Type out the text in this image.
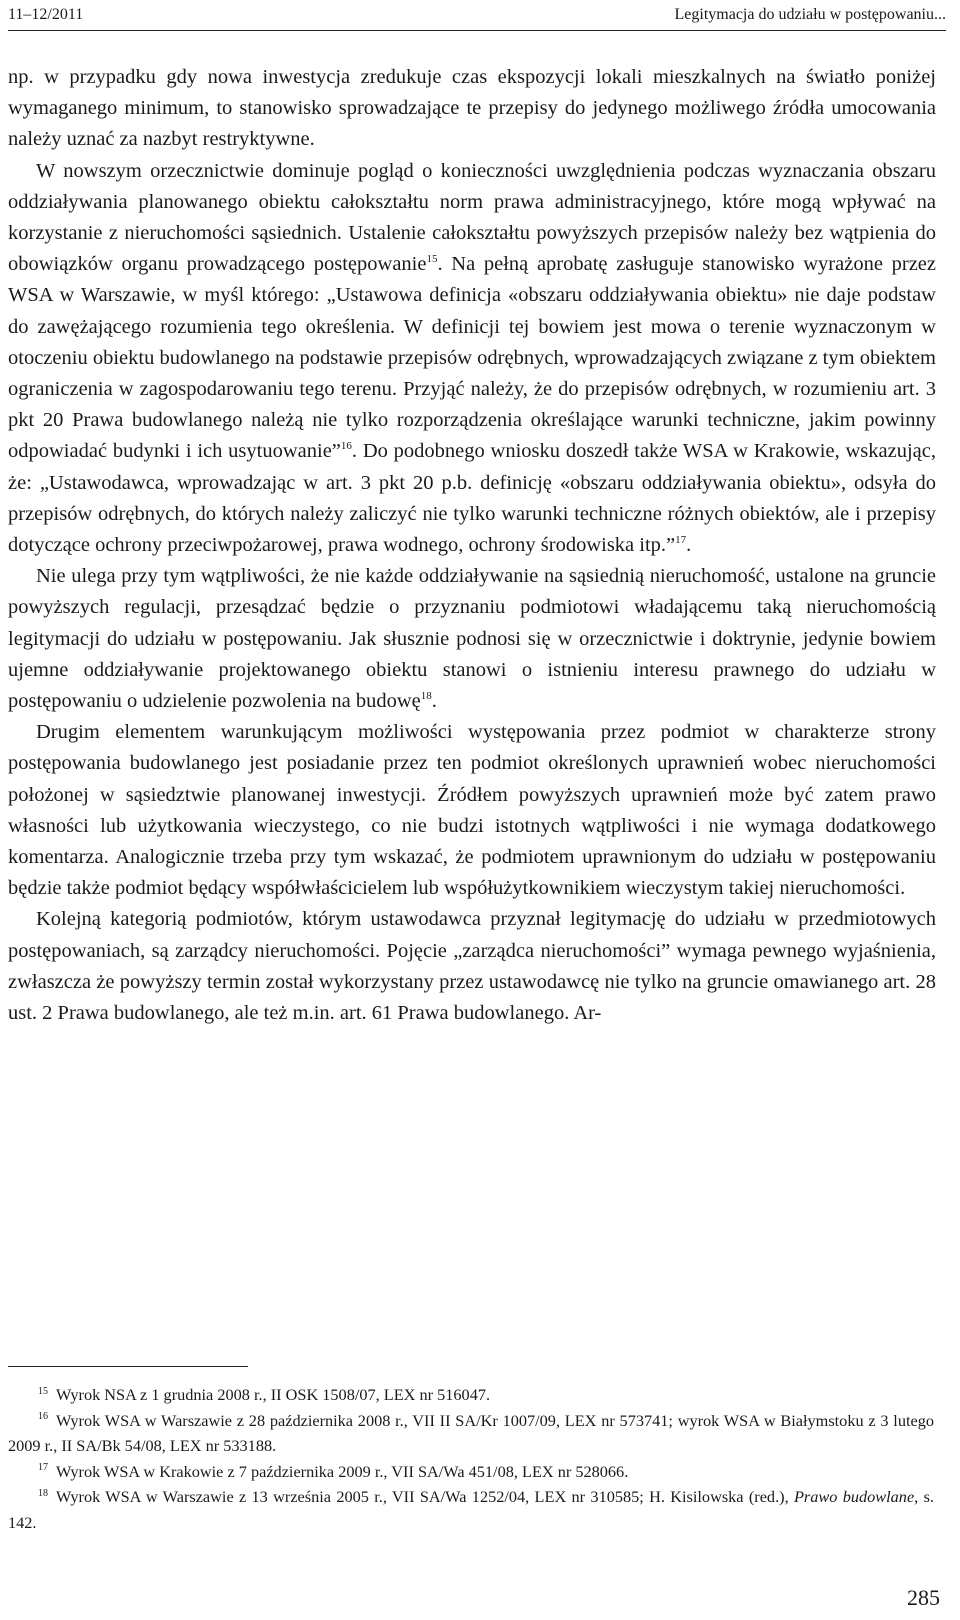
11–12/2011	Legitymacja do udziału w postępowaniu...

np. w przypadku gdy nowa inwestycja zredukuje czas ekspozycji lokali mieszkalnych na światło poniżej wymaganego minimum, to stanowisko sprowadzające te przepisy do jedynego możliwego źródła umocowania należy uznać za nazbyt restryktywne.

W nowszym orzecznictwie dominuje pogląd o konieczności uwzględnienia podczas wyznaczania obszaru oddziaływania planowanego obiektu całokształtu norm prawa administracyjnego, które mogą wpływać na korzystanie z nieruchomości sąsiednich. Ustalenie całokształtu powyższych przepisów należy bez wątpienia do obowiązków organu prowadzącego postępowanie$^{15}$. Na pełną aprobatę zasługuje stanowisko wyrażone przez WSA w Warszawie, w myśl którego: „Ustawowa definicja «obszaru oddziaływania obiektu» nie daje podstaw do zawężającego rozumienia tego określenia. W definicji tej bowiem jest mowa o terenie wyznaczonym w otoczeniu obiektu budowlanego na podstawie przepisów odrębnych, wprowadzających związane z tym obiektem ograniczenia w zagospodarowaniu tego terenu. Przyjąć należy, że do przepisów odrębnych, w rozumieniu art. 3 pkt 20 Prawa budowlanego należą nie tylko rozporządzenia określające warunki techniczne, jakim powinny odpowiadać budynki i ich usytuowanie”$^{16}$. Do podobnego wniosku doszedł także WSA w Krakowie, wskazując, że: „Ustawodawca, wprowadzając w art. 3 pkt 20 p.b. definicję «obszaru oddziaływania obiektu», odsyła do przepisów odrębnych, do których należy zaliczyć nie tylko warunki techniczne różnych obiektów, ale i przepisy dotyczące ochrony przeciwpożarowej, prawa wodnego, ochrony środowiska itp.”$^{17}$.

Nie ulega przy tym wątpliwości, że nie każde oddziaływanie na sąsiednią nieruchomość, ustalone na gruncie powyższych regulacji, przesądzać będzie o przyznaniu podmiotowi władającemu taką nieruchomością legitymacji do udziału w postępowaniu. Jak słusznie podnosi się w orzecznictwie i doktrynie, jedynie bowiem ujemne oddziaływanie projektowanego obiektu stanowi o istnieniu interesu prawnego do udziału w postępowaniu o udzielenie pozwolenia na budowę$^{18}$.

Drugim elementem warunkującym możliwości występowania przez podmiot w charakterze strony postępowania budowlanego jest posiadanie przez ten podmiot określonych uprawnień wobec nieruchomości położonej w sąsiedztwie planowanej inwestycji. Źródłem powyższych uprawnień może być zatem prawo własności lub użytkowania wieczystego, co nie budzi istotnych wątpliwości i nie wymaga dodatkowego komentarza. Analogicznie trzeba przy tym wskazać, że podmiotem uprawnionym do udziału w postępowaniu będzie także podmiot będący współwłaścicielem lub współużytkownikiem wieczystym takiej nieruchomości.

Kolejną kategorią podmiotów, którym ustawodawca przyznał legitymację do udziału w przedmiotowych postępowaniach, są zarządcy nieruchomości. Pojęcie „zarządca nieruchomości” wymaga pewnego wyjaśnienia, zwłaszcza że powyższy termin został wykorzystany przez ustawodawcę nie tylko na gruncie omawianego art. 28 ust. 2 Prawa budowlanego, ale też m.in. art. 61 Prawa budowlanego. Ar-

$^{15}$ Wyrok NSA z 1 grudnia 2008 r., II OSK 1508/07, LEX nr 516047.

$^{16}$ Wyrok WSA w Warszawie z 28 października 2008 r., VII II SA/Kr 1007/09, LEX nr 573741; wyrok WSA w Białymstoku z 3 lutego 2009 r., II SA/Bk 54/08, LEX nr 533188.

$^{17}$ Wyrok WSA w Krakowie z 7 października 2009 r., VII SA/Wa 451/08, LEX nr 528066.

$^{18}$ Wyrok WSA w Warszawie z 13 września 2005 r., VII SA/Wa 1252/04, LEX nr 310585; H. Kisilowska (red.), Prawo budowlane, s. 142.

285
